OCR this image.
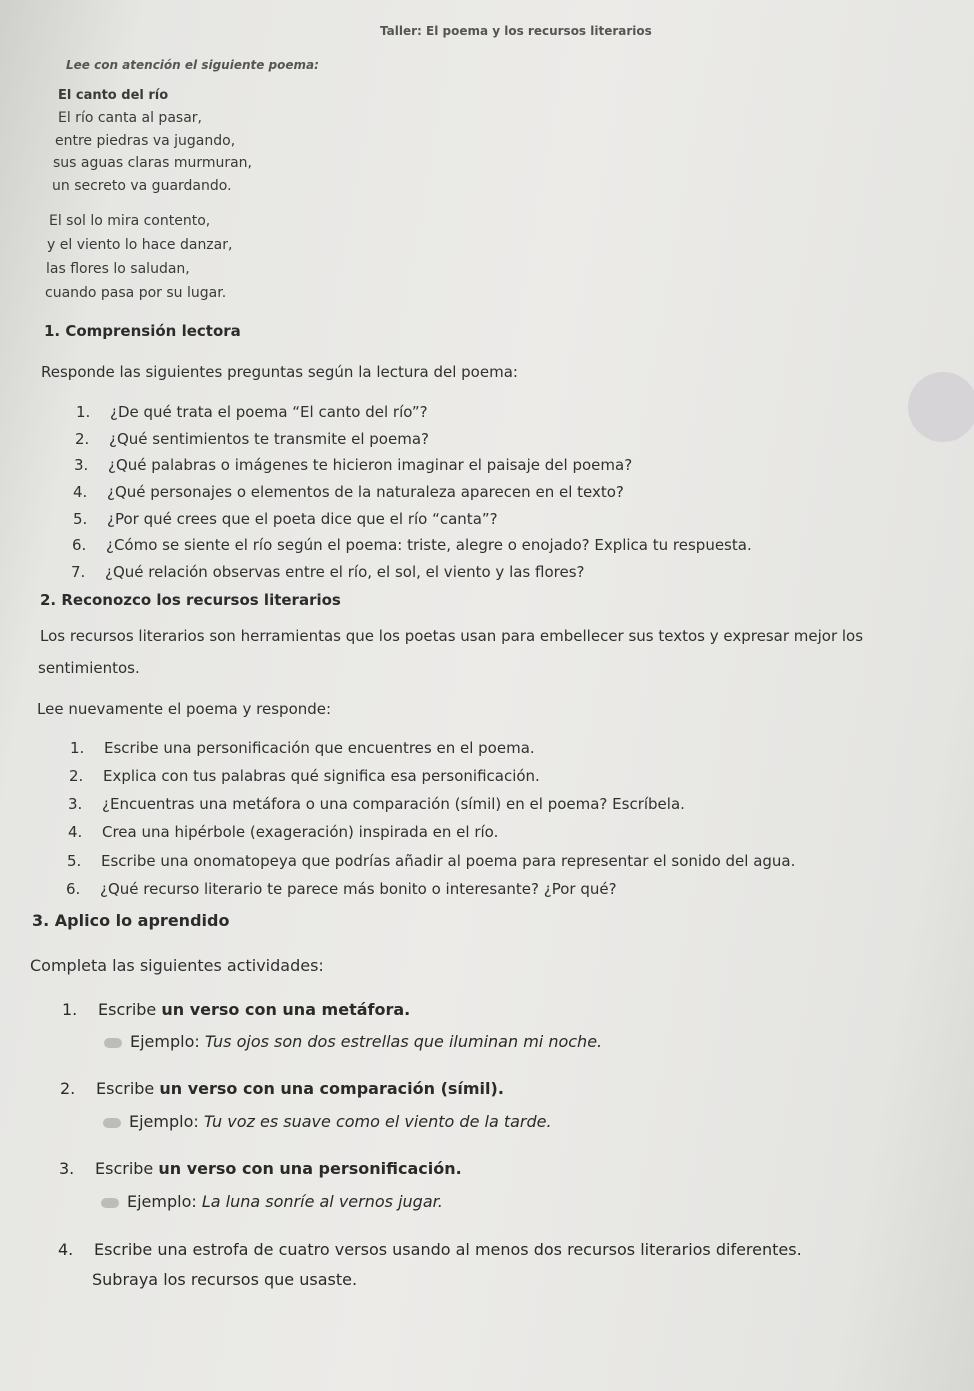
Taller: El poema y los recursos literarios
Lee con atención el siguiente poema:
El canto del río
El río canta al pasar,
entre piedras va jugando,
sus aguas claras murmuran,
un secreto va guardando.
El sol lo mira contento,
y el viento lo hace danzar,
las flores lo saludan,
cuando pasa por su lugar.
1. Comprensión lectora
Responde las siguientes preguntas según la lectura del poema:
1. ¿De qué trata el poema “El canto del río”?
2. ¿Qué sentimientos te transmite el poema?
3. ¿Qué palabras o imágenes te hicieron imaginar el paisaje del poema?
4. ¿Qué personajes o elementos de la naturaleza aparecen en el texto?
5. ¿Por qué crees que el poeta dice que el río “canta”?
6. ¿Cómo se siente el río según el poema: triste, alegre o enojado? Explica tu respuesta.
7. ¿Qué relación observas entre el río, el sol, el viento y las flores?
2. Reconozco los recursos literarios
Los recursos literarios son herramientas que los poetas usan para embellecer sus textos y expresar mejor los
sentimientos.
Lee nuevamente el poema y responde:
1. Escribe una personificación que encuentres en el poema.
2. Explica con tus palabras qué significa esa personificación.
3. ¿Encuentras una metáfora o una comparación (símil) en el poema? Escríbela.
4. Crea una hipérbole (exageración) inspirada en el río.
5. Escribe una onomatopeya que podrías añadir al poema para representar el sonido del agua.
6. ¿Qué recurso literario te parece más bonito o interesante? ¿Por qué?
3. Aplico lo aprendido
Completa las siguientes actividades:
1. Escribe un verso con una metáfora.
Ejemplo: Tus ojos son dos estrellas que iluminan mi noche.
2. Escribe un verso con una comparación (símil).
Ejemplo: Tu voz es suave como el viento de la tarde.
3. Escribe un verso con una personificación.
Ejemplo: La luna sonríe al vernos jugar.
4. Escribe una estrofa de cuatro versos usando al menos dos recursos literarios diferentes.
Subraya los recursos que usaste.
